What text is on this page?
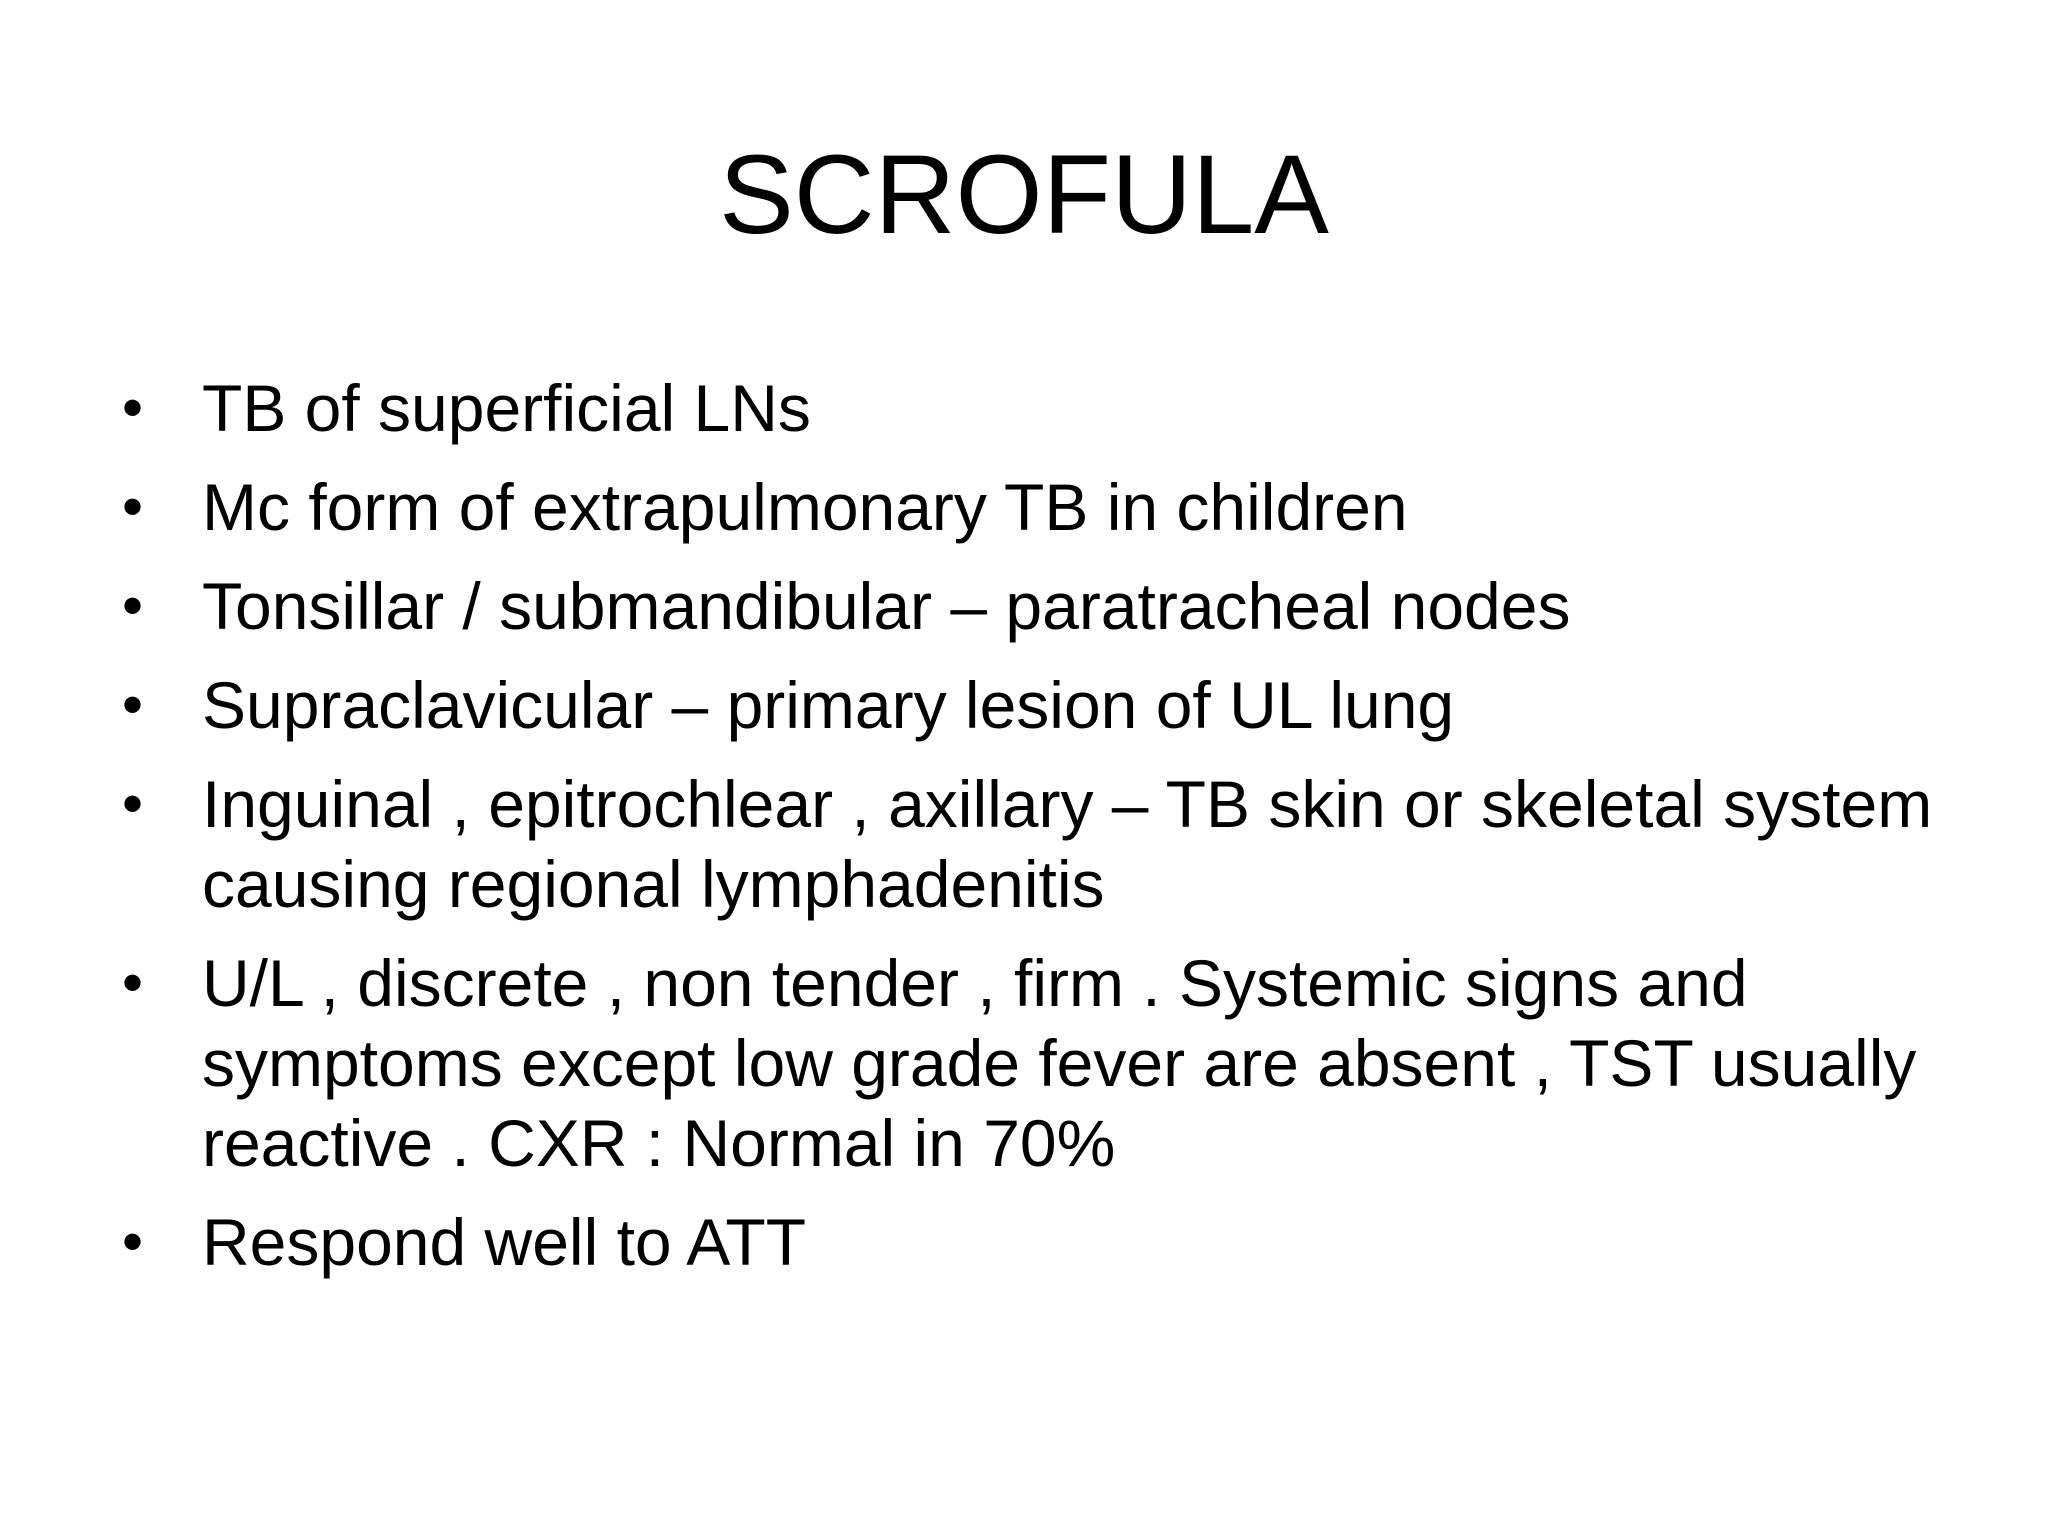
SCROFULA
• TB of superficial LNs
• Mc form of extrapulmonary TB in children
• Tonsillar / submandibular – paratracheal nodes
• Supraclavicular – primary lesion of UL lung
• Inguinal , epitrochlear , axillary – TB skin or skeletal system causing regional lymphadenitis
• U/L , discrete , non tender , firm . Systemic signs and symptoms except low grade fever are absent , TST usually reactive . CXR : Normal in 70%
• Respond well to ATT
